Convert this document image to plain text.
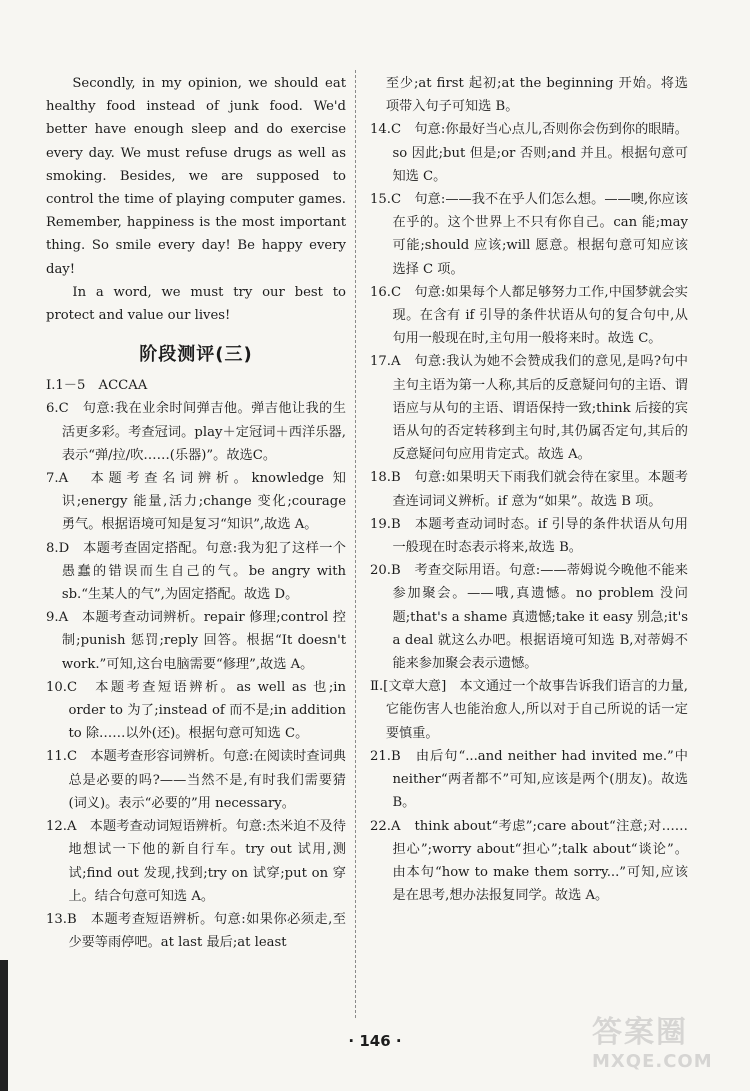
Secondly, in my opinion, we should eat healthy food instead of junk food. We'd better have enough sleep and do exercise every day. We must refuse drugs as well as smoking. Besides, we are supposed to control the time of playing computer games. Remember, happiness is the most important thing. So smile every day! Be happy every day!

In a word, we must try our best to protect and value our lives!

阶段测评(三)

Ⅰ.1－5　ACCAA

6.C　句意:我在业余时间弹吉他。弹吉他让我的生活更多彩。考查冠词。play＋定冠词＋西洋乐器,表示“弹/拉/吹……(乐器)”。故选C。

7.A　本题考查名词辨析。knowledge 知识;energy 能量,活力;change 变化;courage 勇气。根据语境可知是复习“知识”,故选 A。

8.D　本题考查固定搭配。句意:我为犯了这样一个愚蠢的错误而生自己的气。be angry with sb.“生某人的气”,为固定搭配。故选 D。

9.A　本题考查动词辨析。repair 修理;control 控制;punish 惩罚;reply 回答。根据“It doesn't work.”可知,这台电脑需要“修理”,故选 A。

10.C　本题考查短语辨析。as well as 也;in order to 为了;instead of 而不是;in addition to 除……以外(还)。根据句意可知选 C。

11.C　本题考查形容词辨析。句意:在阅读时查词典总是必要的吗?——当然不是,有时我们需要猜(词义)。表示“必要的”用 necessary。

12.A　本题考查动词短语辨析。句意:杰米迫不及待地想试一下他的新自行车。try out 试用,测试;find out 发现,找到;try on 试穿;put on 穿上。结合句意可知选 A。

13.B　本题考查短语辨析。句意:如果你必须走,至少要等雨停吧。at last 最后;at least

至少;at first 起初;at the beginning 开始。将选项带入句子可知选 B。

14.C　句意:你最好当心点儿,否则你会伤到你的眼睛。so 因此;but 但是;or 否则;and 并且。根据句意可知选 C。

15.C　句意:——我不在乎人们怎么想。——噢,你应该在乎的。这个世界上不只有你自己。can 能;may 可能;should 应该;will 愿意。根据句意可知应该选择 C 项。

16.C　句意:如果每个人都足够努力工作,中国梦就会实现。在含有 if 引导的条件状语从句的复合句中,从句用一般现在时,主句用一般将来时。故选 C。

17.A　句意:我认为她不会赞成我们的意见,是吗?句中主句主语为第一人称,其后的反意疑问句的主语、谓语应与从句的主语、谓语保持一致;think 后接的宾语从句的否定转移到主句时,其仍属否定句,其后的反意疑问句应用肯定式。故选 A。

18.B　句意:如果明天下雨我们就会待在家里。本题考查连词词义辨析。if 意为“如果”。故选 B 项。

19.B　本题考查动词时态。if 引导的条件状语从句用一般现在时态表示将来,故选 B。

20.B　考查交际用语。句意:——蒂姆说今晚他不能来参加聚会。——哦,真遗憾。no problem 没问题;that's a shame 真遗憾;take it easy 别急;it's a deal 就这么办吧。根据语境可知选 B,对蒂姆不能来参加聚会表示遗憾。

Ⅱ.[文章大意]　本文通过一个故事告诉我们语言的力量,它能伤害人也能治愈人,所以对于自己所说的话一定要慎重。

21.B　由后句“...and neither had invited me.”中 neither“两者都不”可知,应该是两个(朋友)。故选 B。

22.A　think about“考虑”;care about“注意;对……担心”;worry about“担心”;talk about“谈论”。由本句“how to make them sorry...”可知,应该是在思考,想办法报复同学。故选 A。

· 146 ·	答案圈
MXQE.COM
